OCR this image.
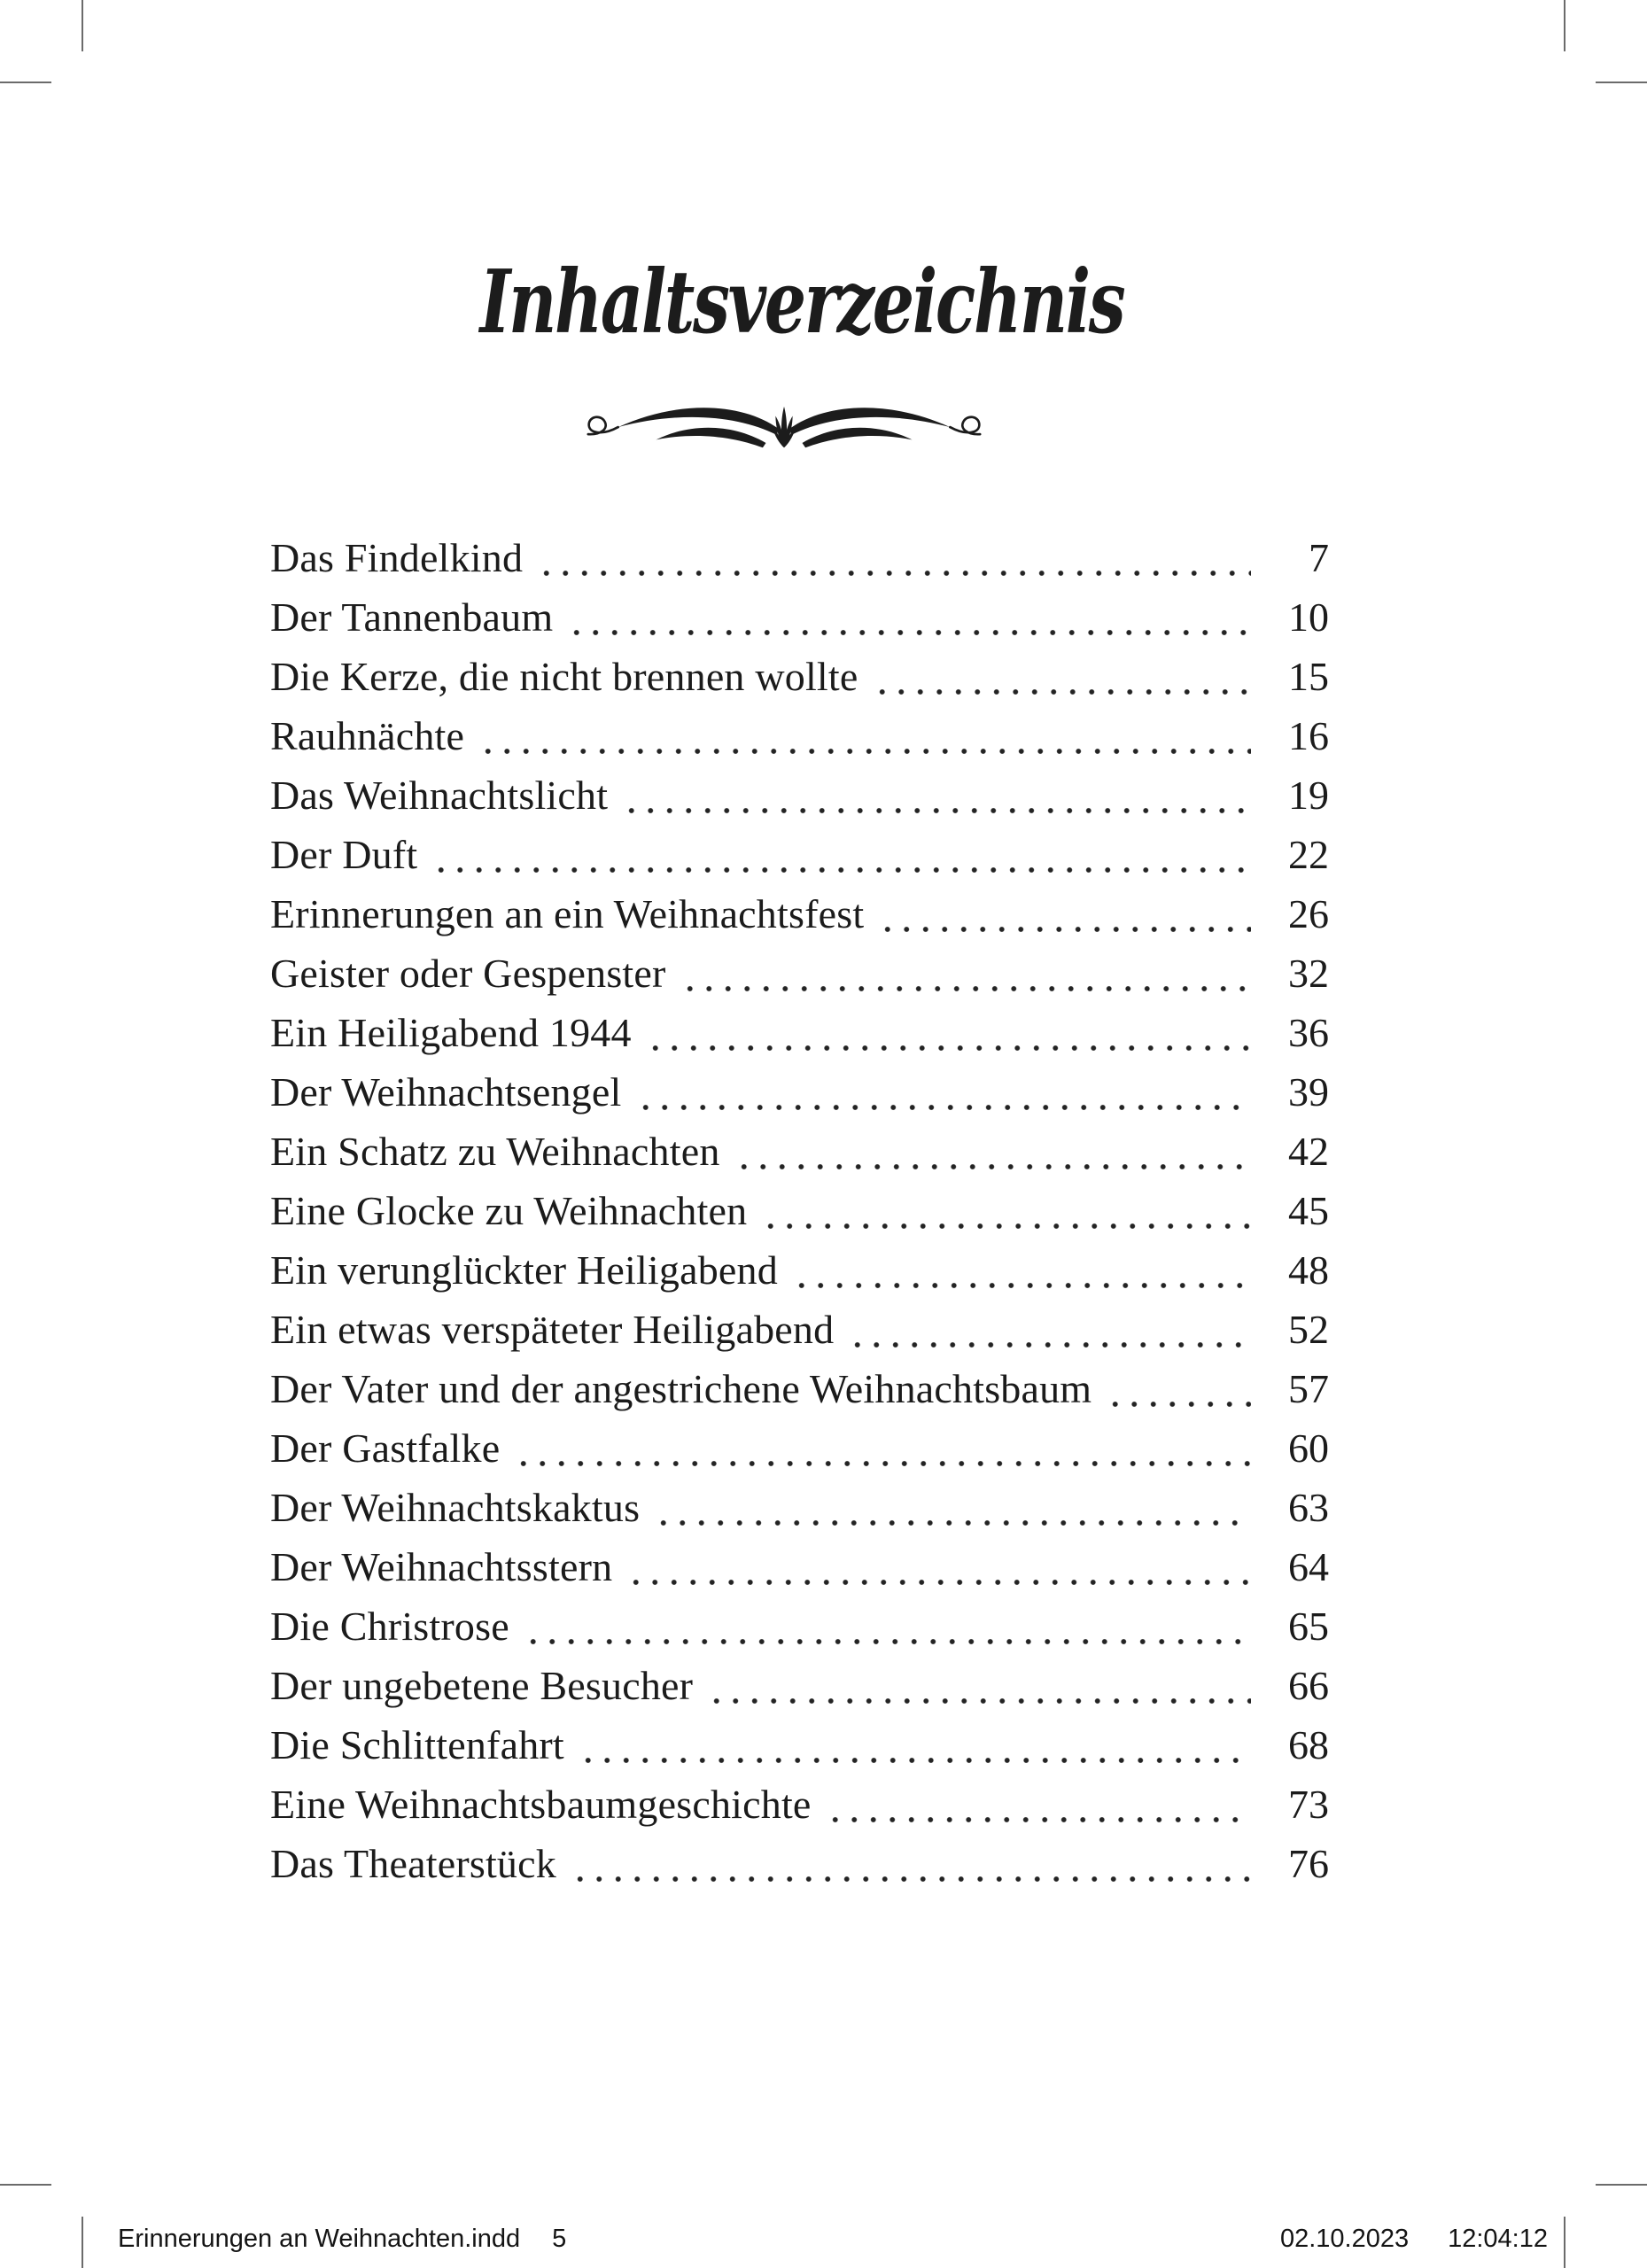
Inhaltsverzeichnis
Das Findelkind	7
Der Tannenbaum	10
Die Kerze, die nicht brennen wollte	15
Rauhnächte	16
Das Weihnachtslicht	19
Der Duft	22
Erinnerungen an ein Weihnachtsfest	26
Geister oder Gespenster	32
Ein Heiligabend 1944	36
Der Weihnachtsengel	39
Ein Schatz zu Weihnachten	42
Eine Glocke zu Weihnachten	45
Ein verunglückter Heiligabend	48
Ein etwas verspäteter Heiligabend	52
Der Vater und der angestrichene Weihnachtsbaum	57
Der Gastfalke	60
Der Weihnachtskaktus	63
Der Weihnachtsstern	64
Die Christrose	65
Der ungebetene Besucher	66
Die Schlittenfahrt	68
Eine Weihnachtsbaumgeschichte	73
Das Theaterstück	76
Erinnerungen an Weihnachten.indd 5	02.10.2023 12:04:12
